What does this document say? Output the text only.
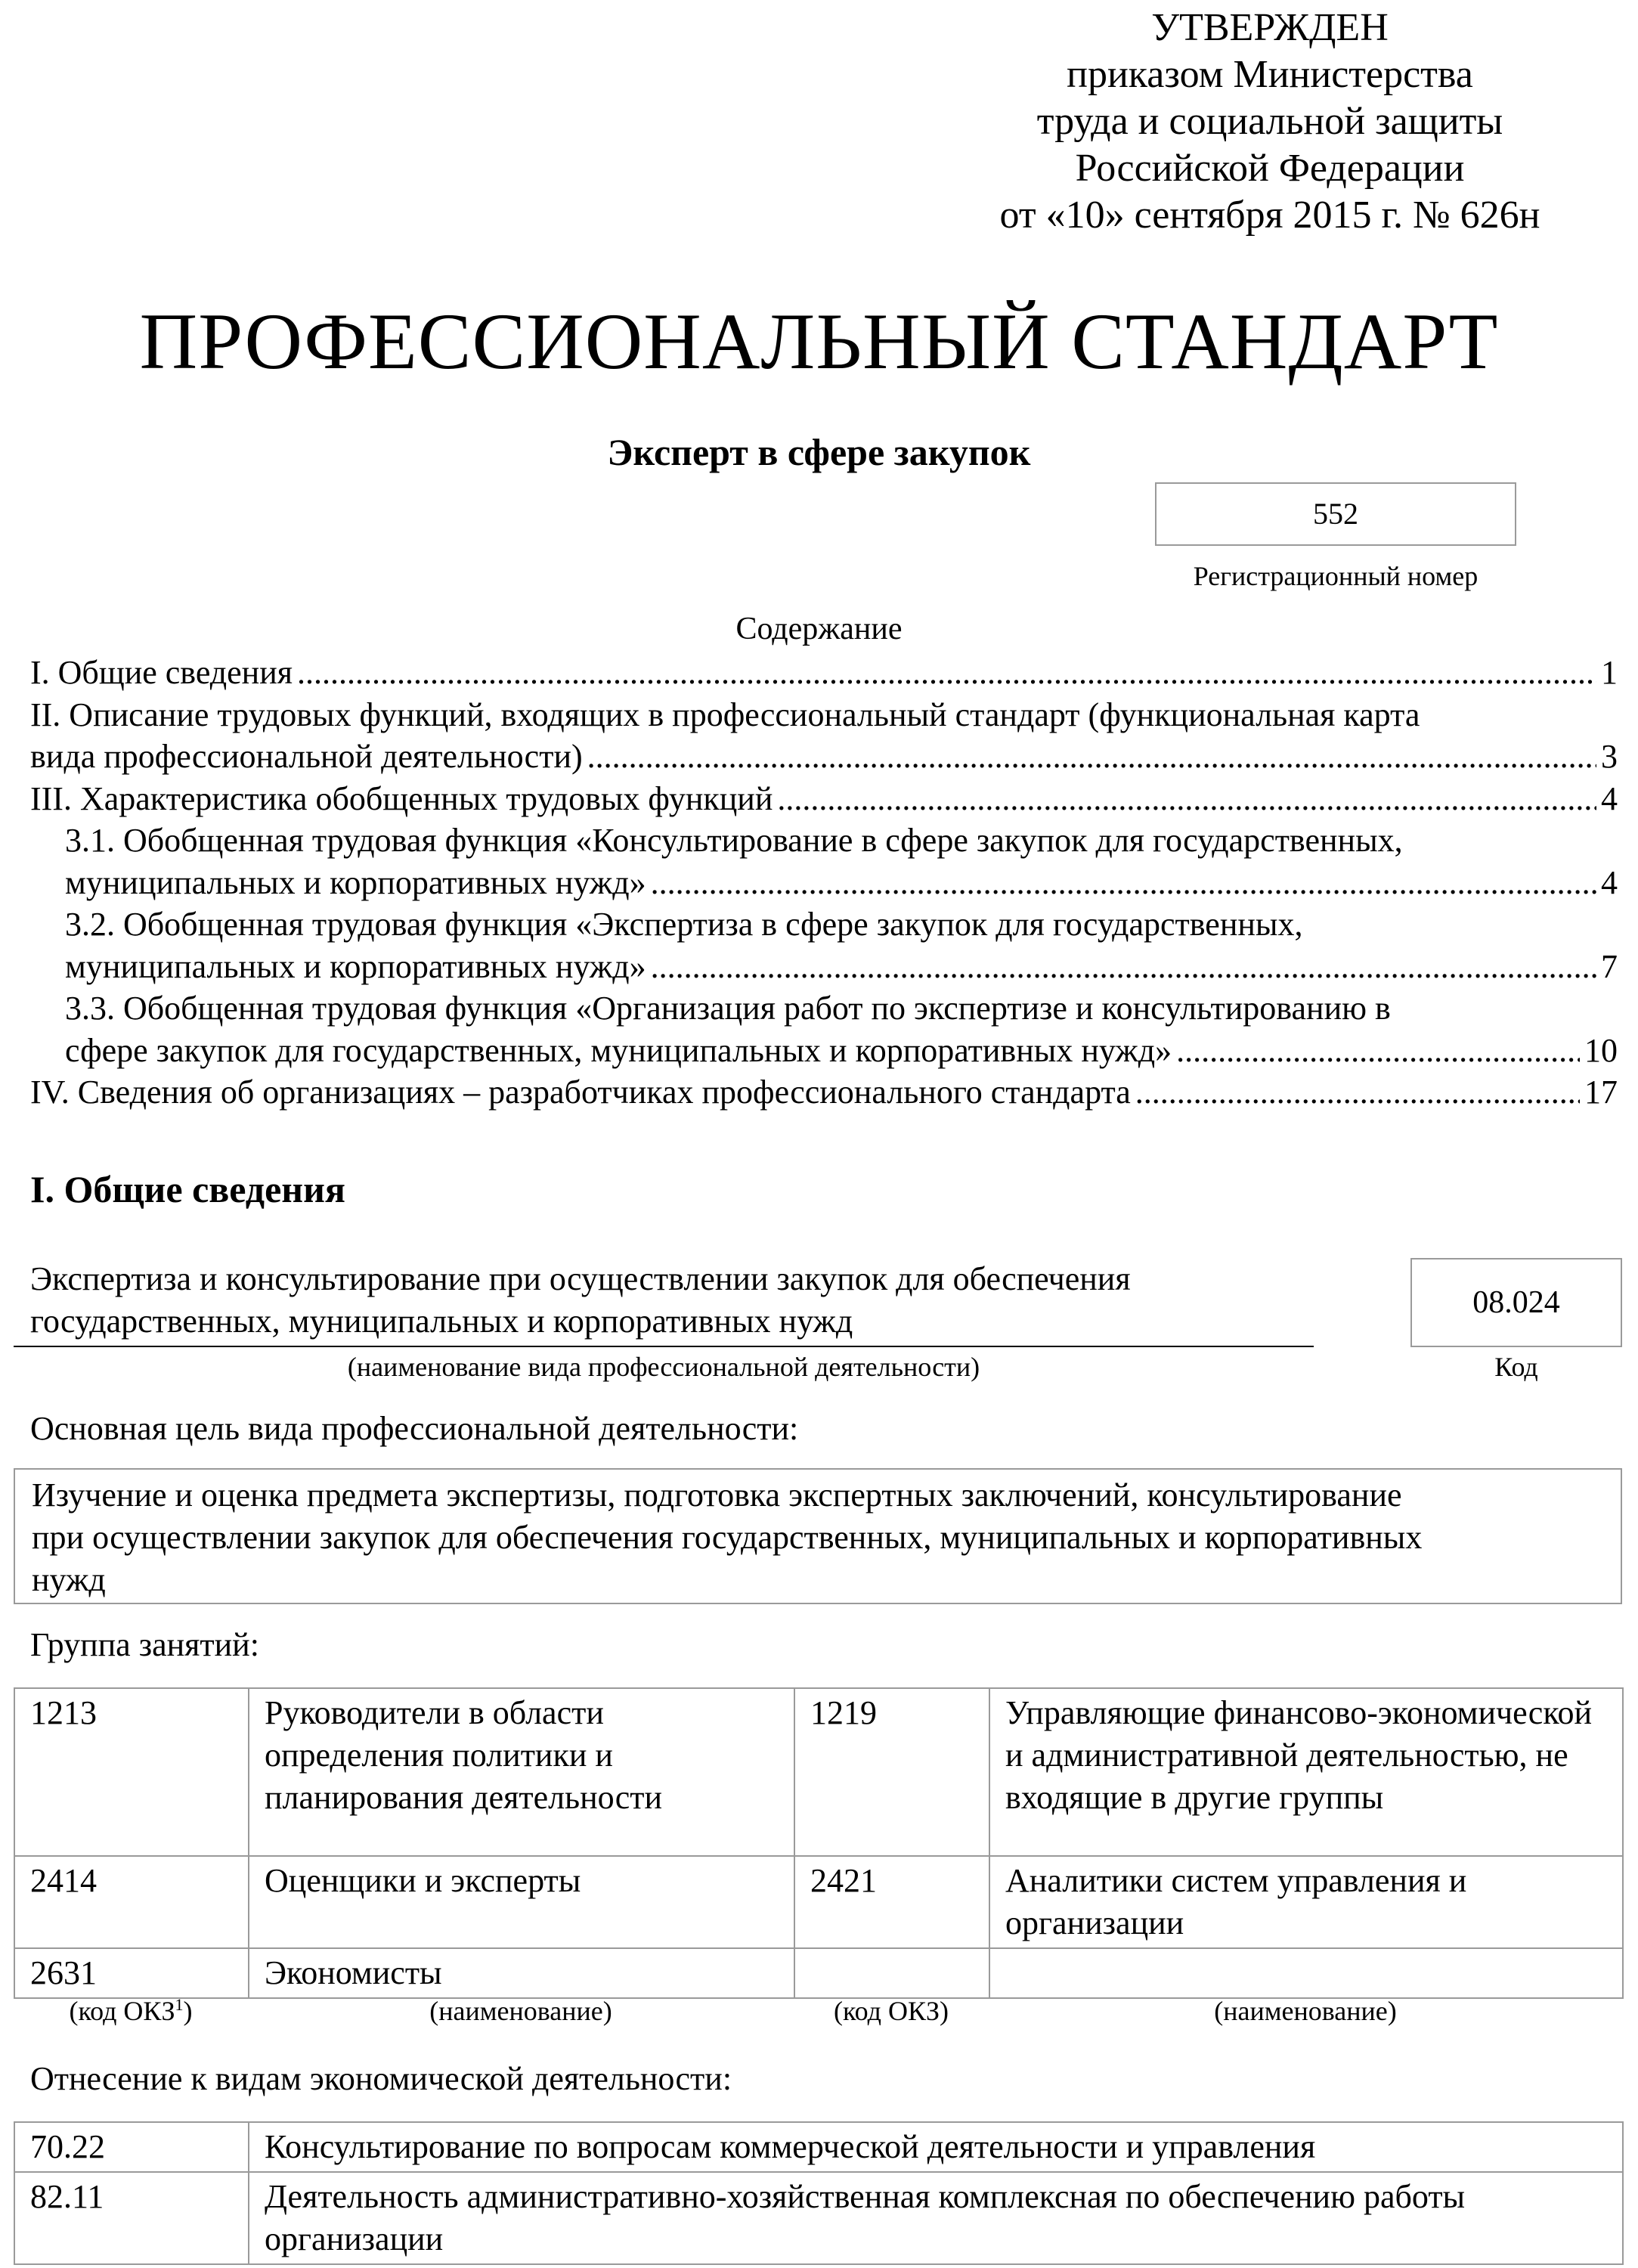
УТВЕРЖДЕН
приказом Министерства
труда и социальной защиты
Российской Федерации
от «10» сентября 2015 г. № 626н
ПРОФЕССИОНАЛЬНЫЙ СТАНДАРТ
Эксперт в сфере закупок
552
Регистрационный номер
Содержание
I. Общие сведения .....	1
II. Описание трудовых функций, входящих в профессиональный стандарт (функциональная карта
вида профессиональной деятельности) .....	3
III. Характеристика обобщенных трудовых функций .....	4
3.1. Обобщенная трудовая функция «Консультирование в сфере закупок для государственных,
муниципальных и корпоративных нужд» .....	4
3.2. Обобщенная трудовая функция «Экспертиза в сфере закупок для государственных,
муниципальных и корпоративных нужд» .....	7
3.3. Обобщенная трудовая функция «Организация работ по экспертизе и консультированию в
сфере закупок для государственных, муниципальных и корпоративных нужд» .....	10
IV. Сведения об организациях – разработчиках профессионального стандарта .....	17
I. Общие сведения
Экспертиза и консультирование при осуществлении закупок для обеспечения
государственных, муниципальных и корпоративных нужд
(наименование вида профессиональной деятельности)
08.024
Код
Основная цель вида профессиональной деятельности:
Изучение и оценка предмета экспертизы, подготовка экспертных заключений, консультирование
при осуществлении закупок для обеспечения государственных, муниципальных и корпоративных
нужд
Группа занятий:
1213	Руководители в области определения политики и планирования деятельности	1219	Управляющие финансово-экономической и административной деятельностью, не входящие в другие группы
2414	Оценщики и эксперты	2421	Аналитики систем управления и организации
2631	Экономисты		
(код ОКЗ$^1$)	(наименование)	(код ОКЗ)	(наименование)
Отнесение к видам экономической деятельности:
70.22	Консультирование по вопросам коммерческой деятельности и управления
82.11	Деятельность административно-хозяйственная комплексная по обеспечению работы организации
